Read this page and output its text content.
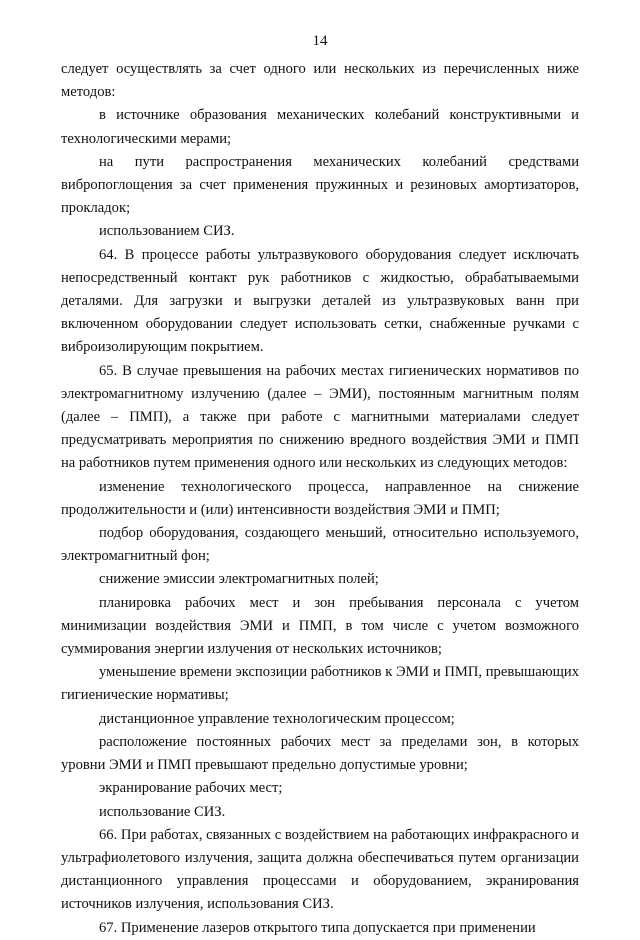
14

следует осуществлять за счет одного или нескольких из перечисленных ниже методов:

в источнике образования механических колебаний конструктивными и технологическими мерами;

на пути распространения механических колебаний средствами вибропоглощения за счет применения пружинных и резиновых амортизаторов, прокладок;

использованием СИЗ.

64. В процессе работы ультразвукового оборудования следует исключать непосредственный контакт рук работников с жидкостью, обрабатываемыми деталями. Для загрузки и выгрузки деталей из ультразвуковых ванн при включенном оборудовании следует использовать сетки, снабженные ручками с виброизолирующим покрытием.

65. В случае превышения на рабочих местах гигиенических нормативов по электромагнитному излучению (далее – ЭМИ), постоянным магнитным полям (далее – ПМП), а также при работе с магнитными материалами следует предусматривать мероприятия по снижению вредного воздействия ЭМИ и ПМП на работников путем применения одного или нескольких из следующих методов:

изменение технологического процесса, направленное на снижение продолжительности и (или) интенсивности воздействия ЭМИ и ПМП;

подбор оборудования, создающего меньший, относительно используемого, электромагнитный фон;

снижение эмиссии электромагнитных полей;

планировка рабочих мест и зон пребывания персонала с учетом минимизации воздействия ЭМИ и ПМП, в том числе с учетом возможного суммирования энергии излучения от нескольких источников;

уменьшение времени экспозиции работников к ЭМИ и ПМП, превышающих гигиенические нормативы;

дистанционное управление технологическим процессом;

расположение постоянных рабочих мест за пределами зон, в которых уровни ЭМИ и ПМП превышают предельно допустимые уровни;

экранирование рабочих мест;

использование СИЗ.

66. При работах, связанных с воздействием на работающих инфракрасного и ультрафиолетового излучения, защита должна обеспечиваться путем организации дистанционного управления процессами и оборудованием, экранирования источников излучения, использования СИЗ.

67. Применение лазеров открытого типа допускается при применении
